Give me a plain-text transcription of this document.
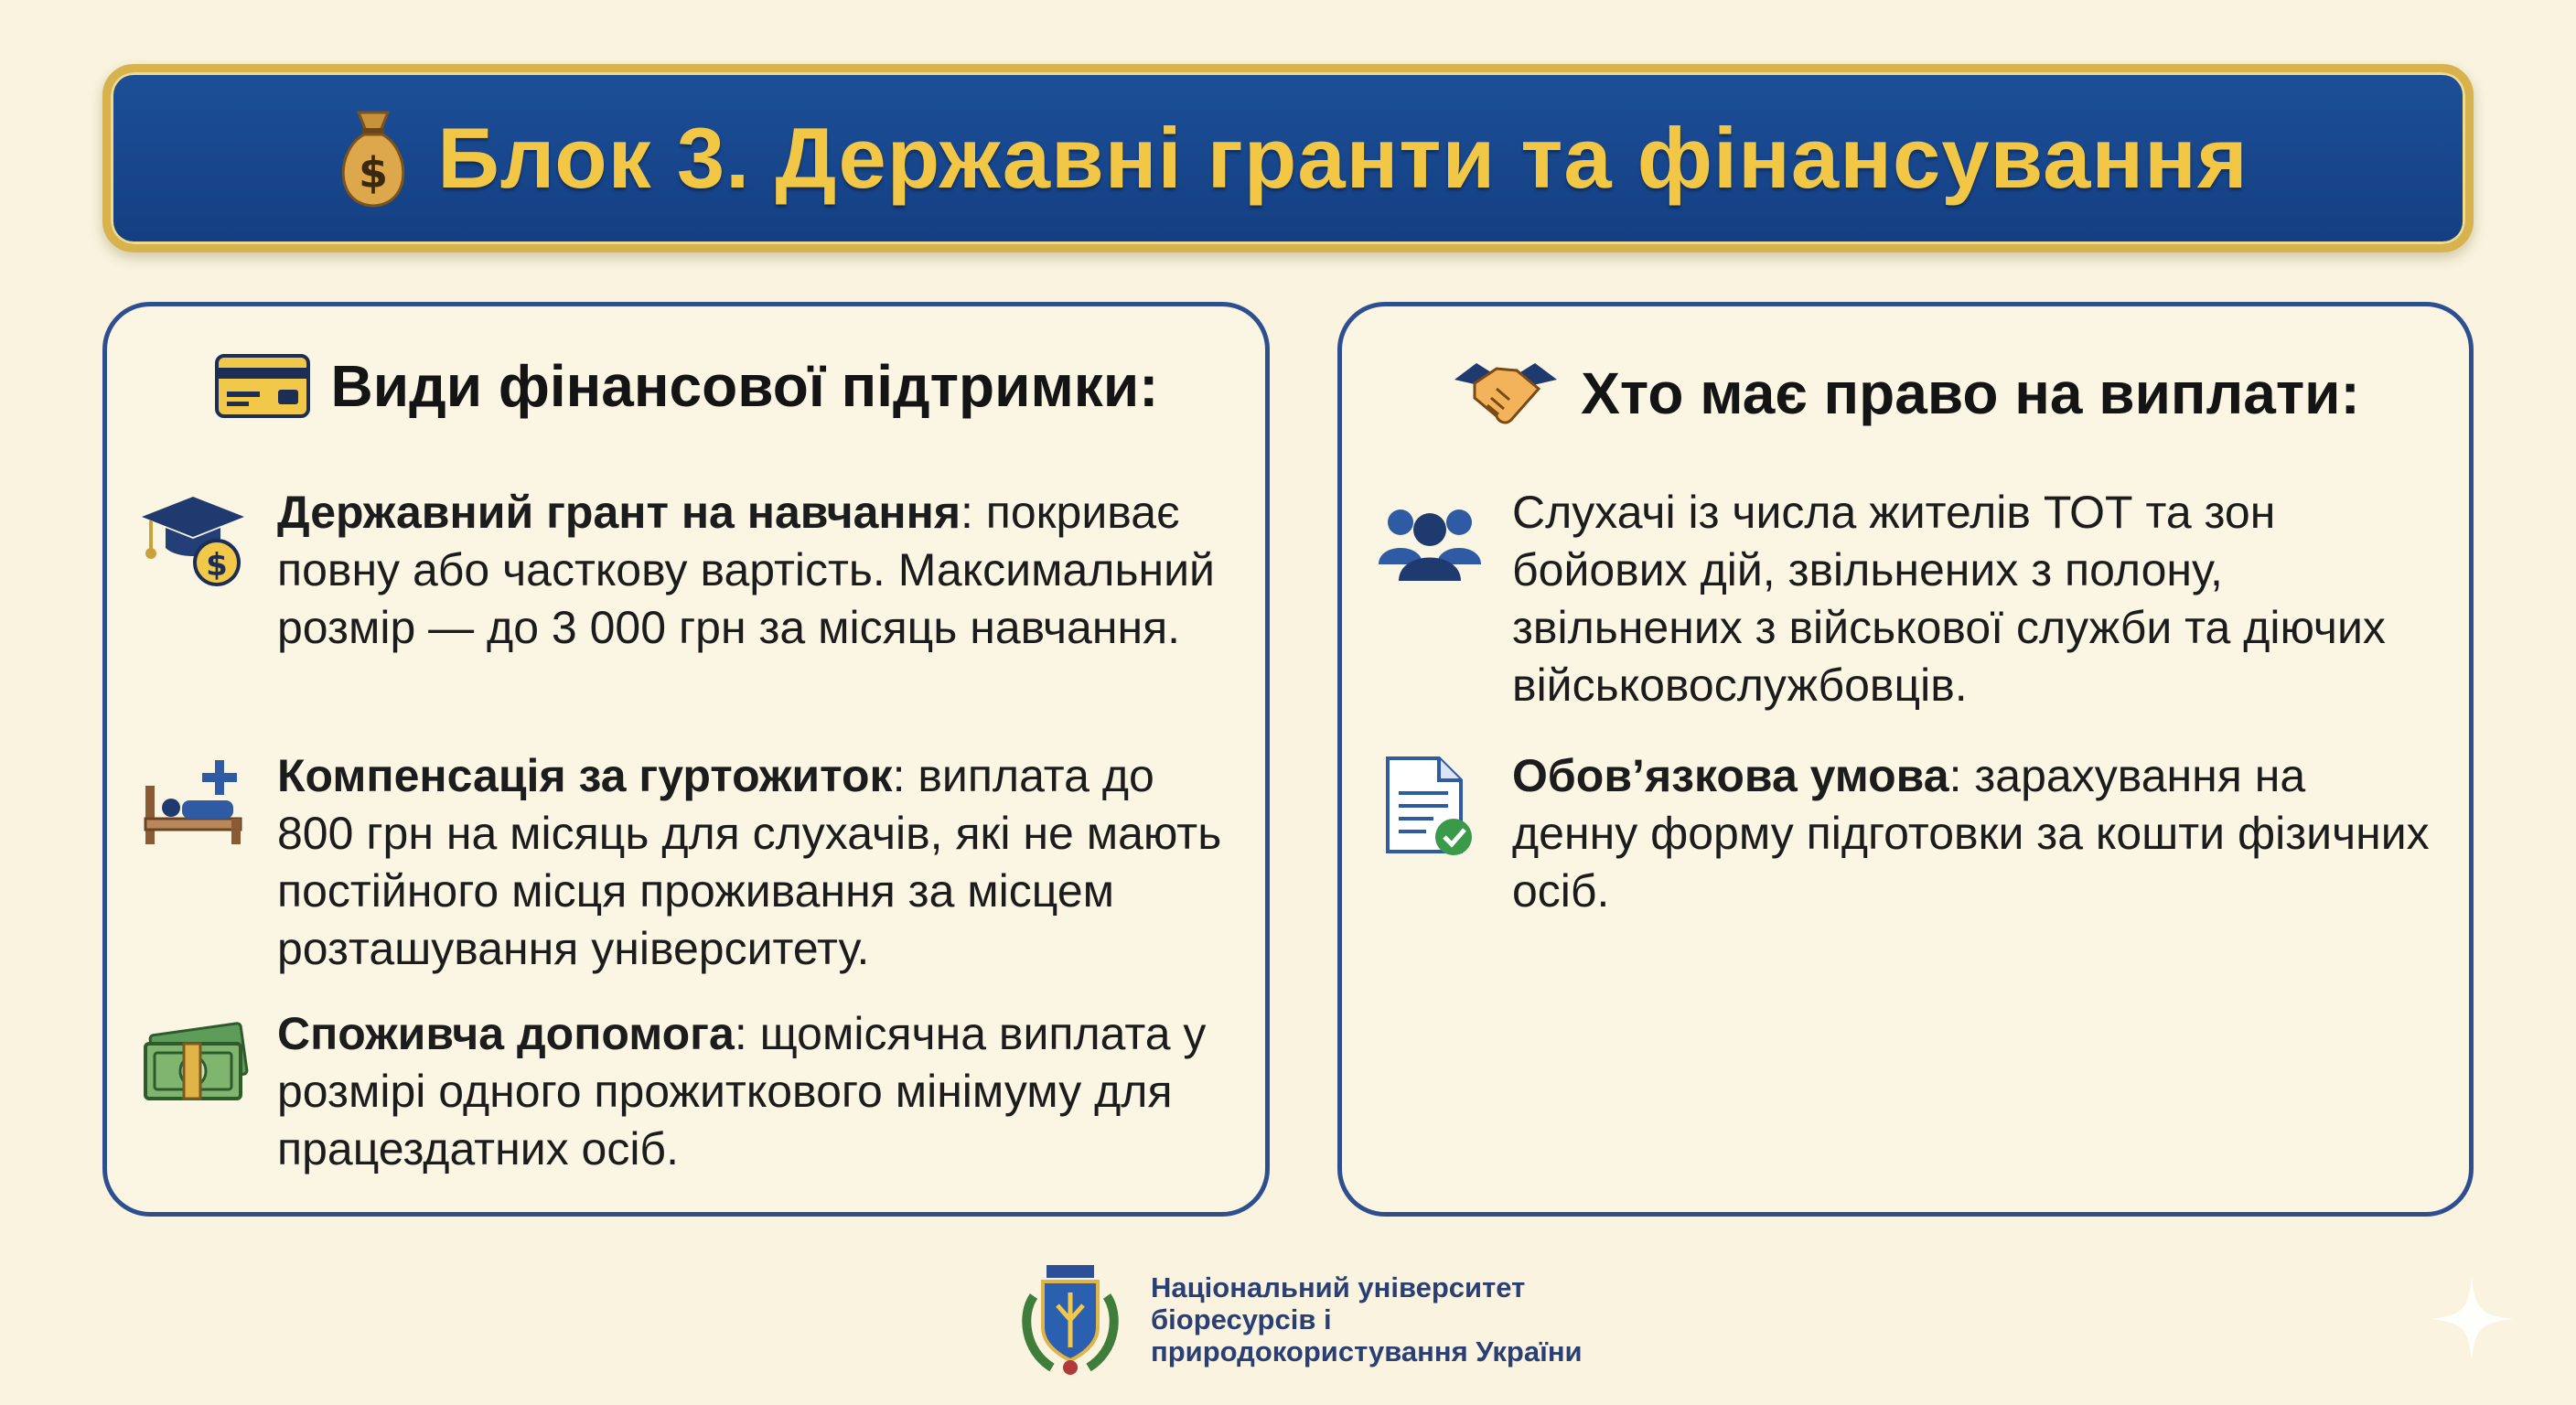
$ Блок 3. Державні гранти та фінансування
Види фінансової підтримки:
$
Державний грант на навчання: покриває повну або часткову вартість. Максимальний розмір — до 3 000 грн за місяць навчання.
Компенсація за гуртожиток: виплата до 800 грн на місяць для слухачів, які не мають постійного місця проживання за місцем розташування університету.
Споживча допомога: щомісячна виплата у розмірі одного прожиткового мінімуму для працездатних осіб.
Хто має право на виплати:
Слухачі із числа жителів ТОТ та зон бойових дій, звільнених з полону, звільнених з військової служби та діючих військовослужбовців.
Обов’язкова умова: зарахування на денну форму підготовки за кошти фізичних осіб.
Національний університет
біоресурсів і
природокористування України
